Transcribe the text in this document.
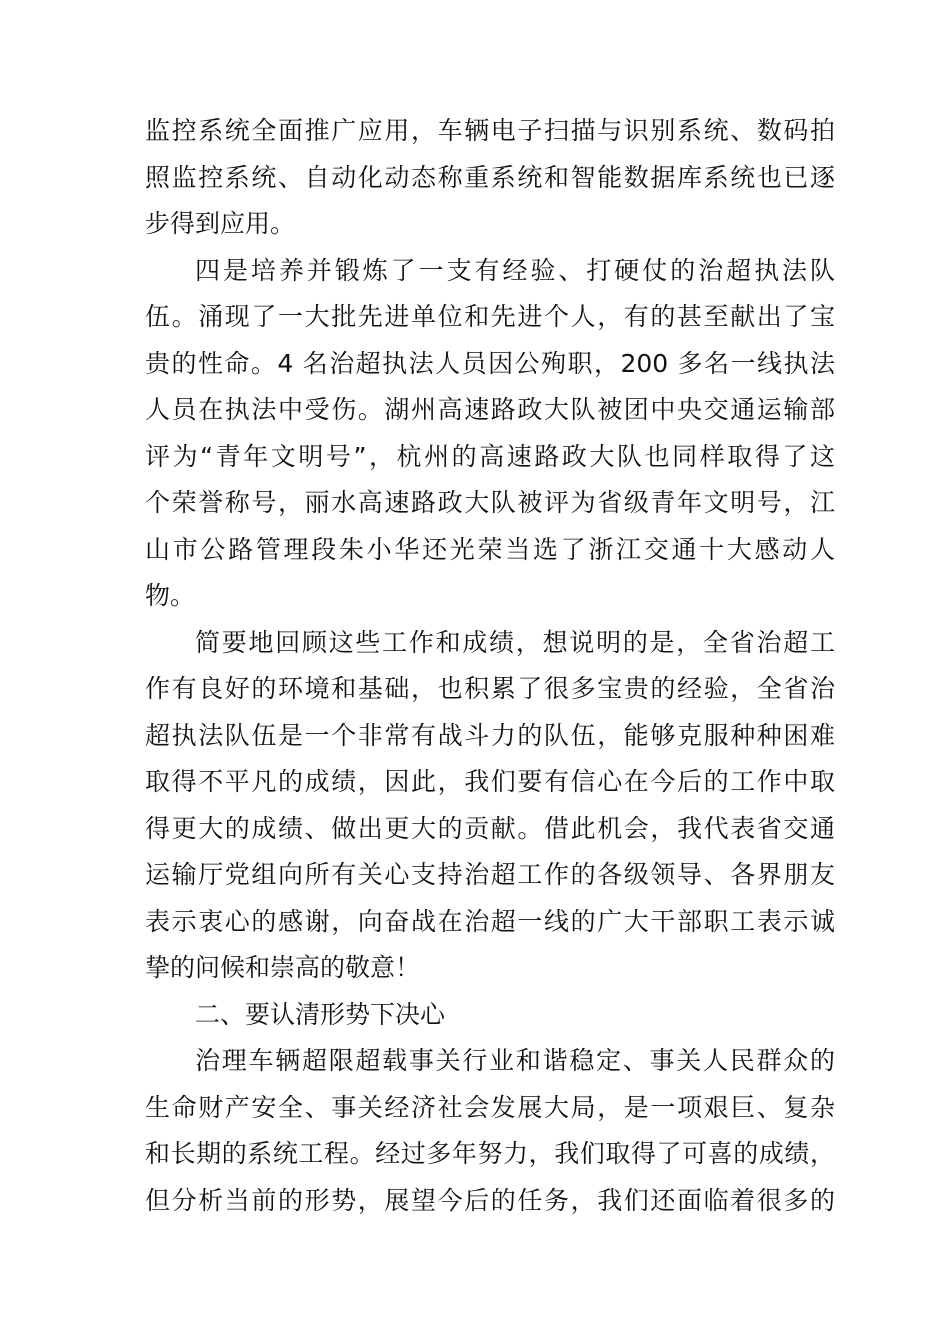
监控系统全面推广应用，车辆电子扫描与识别系统、数码拍
照监控系统、自动化动态称重系统和智能数据库系统也已逐
步得到应用。
四是培养并锻炼了一支有经验、打硬仗的治超执法队
伍。涌现了一大批先进单位和先进个人，有的甚至献出了宝
贵的性命。4 名治超执法人员因公殉职，200 多名一线执法
人员在执法中受伤。湖州高速路政大队被团中央交通运输部
评为“青年文明号”，杭州的高速路政大队也同样取得了这
个荣誉称号，丽水高速路政大队被评为省级青年文明号，江
山市公路管理段朱小华还光荣当选了浙江交通十大感动人
物。
简要地回顾这些工作和成绩，想说明的是，全省治超工
作有良好的环境和基础，也积累了很多宝贵的经验，全省治
超执法队伍是一个非常有战斗力的队伍，能够克服种种困难
取得不平凡的成绩，因此，我们要有信心在今后的工作中取
得更大的成绩、做出更大的贡献。借此机会，我代表省交通
运输厅党组向所有关心支持治超工作的各级领导、各界朋友
表示衷心的感谢，向奋战在治超一线的广大干部职工表示诚
挚的问候和崇高的敬意！
二、要认清形势下决心
治理车辆超限超载事关行业和谐稳定、事关人民群众的
生命财产安全、事关经济社会发展大局，是一项艰巨、复杂
和长期的系统工程。经过多年努力，我们取得了可喜的成绩，
但分析当前的形势，展望今后的任务，我们还面临着很多的
